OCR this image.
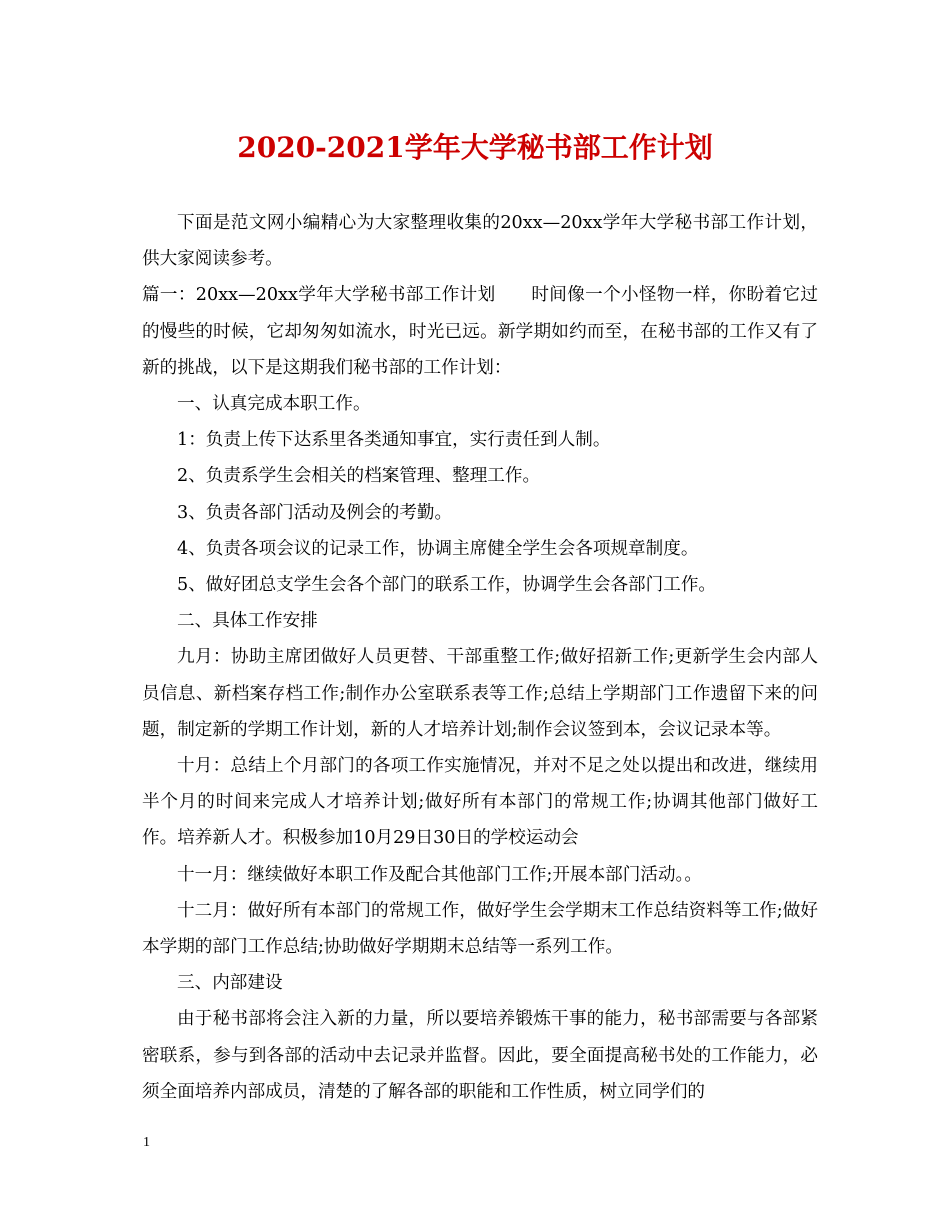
2020-2021学年大学秘书部工作计划

下面是范文网小编精心为大家整理收集的20xx—20xx学年大学秘书部工作计划，供大家阅读参考。

篇一：20xx—20xx学年大学秘书部工作计划　　时间像一个小怪物一样，你盼着它过的慢些的时候，它却匆匆如流水，时光已远。新学期如约而至，在秘书部的工作又有了新的挑战，以下是这期我们秘书部的工作计划：

一、认真完成本职工作。

1：负责上传下达系里各类通知事宜，实行责任到人制。

2、负责系学生会相关的档案管理、整理工作。

3、负责各部门活动及例会的考勤。

4、负责各项会议的记录工作，协调主席健全学生会各项规章制度。

5、做好团总支学生会各个部门的联系工作，协调学生会各部门工作。

二、具体工作安排

九月：协助主席团做好人员更替、干部重整工作;做好招新工作;更新学生会内部人员信息、新档案存档工作;制作办公室联系表等工作;总结上学期部门工作遗留下来的问题，制定新的学期工作计划，新的人才培养计划;制作会议签到本，会议记录本等。

十月：总结上个月部门的各项工作实施情况，并对不足之处以提出和改进，继续用半个月的时间来完成人才培养计划;做好所有本部门的常规工作;协调其他部门做好工作。培养新人才。积极参加10月29日30日的学校运动会

十一月：继续做好本职工作及配合其他部门工作;开展本部门活动。。

十二月：做好所有本部门的常规工作，做好学生会学期末工作总结资料等工作;做好本学期的部门工作总结;协助做好学期期末总结等一系列工作。

三、内部建设

由于秘书部将会注入新的力量，所以要培养锻炼干事的能力，秘书部需要与各部紧密联系，参与到各部的活动中去记录并监督。因此，要全面提高秘书处的工作能力，必须全面培养内部成员，清楚的了解各部的职能和工作性质，树立同学们的

1
